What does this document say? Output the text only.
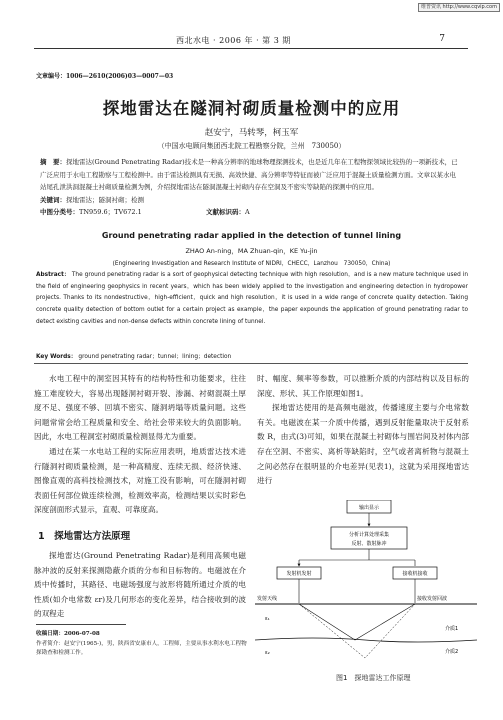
维普资讯 http://www.cqvip.com
西北水电 · 2006 年 · 第 3 期	7
文章编号：1006—2610(2006)03—0007—03
探地雷达在隧洞衬砌质量检测中的应用
赵安宁，马转琴，柯玉军
（中国水电顾问集团西北院工程勘察分院，兰州　730050）
摘　要：探地雷达(Ground Penetrating Radar)技术是一种高分辨率的地球物理探测技术，也是近几年在工程物探领域比较热的一项新技术，已广泛应用于水电工程勘察与工程检测中。由于雷达检测具有无损、高效快捷、高分辨率等特征而被广泛应用于混凝土质量检测方面。文章以某水电站尾孔泄洪洞混凝土衬砌质量检测为例，介绍探地雷达在隧洞混凝土衬砌内存在空洞及不密实等缺陷的探测中的应用。
关键词：探地雷达；隧洞衬砌；检测
中图分类号：TN959.6；TV672.1	文献标识码：A
Ground penetrating radar applied in the detection of tunnel lining
ZHAO An-ning，MA Zhuan-qin，KE Yu-jin
(Engineering Investigation and Research Institute of NIDRI，CHECC，Lanzhou　730050，China)
Abstract： The ground penetrating radar is a sort of geophysical detecting technique with high resolution，and is a new mature technique used in the field of engineering geophysics in recent years，which has been widely applied to the investigation and engineering detection in hydropower projects. Thanks to its nondestructive，high-efficient，quick and high resolution，it is used in a wide range of concrete quality detection. Taking concrete quality detection of bottom outlet for a certain project as example，the paper expounds the application of ground penetrating radar to detect existing cavities and non-dense defects within concrete lining of tunnel.
Key Words： ground penetrating radar；tunnel；lining；detection

水电工程中的洞室因其特有的结构特性和功能要求，往往施工难度较大，容易出现隧洞衬砌开裂、渗漏、衬砌混凝土厚度不足、强度不够、回填不密实、隧洞坍塌等质量问题。这些问题常常会给工程质量和安全、给社会带来较大的负面影响。因此，水电工程洞室衬砌质量检测显得尤为重要。

通过在某一水电站工程的实际应用表明，地质雷达技术进行隧洞衬砌质量检测，是一种高精度、连续无损、经济快速、图像直观的高科技检测技术，对施工没有影响，可在隧洞衬砌表面任何部位做连续检测，检测效率高，检测结果以实时彩色深度剖面形式显示，直观、可靠度高。

1　探地雷达方法原理

探地雷达(Ground Penetrating Radar)是利用高频电磁脉冲波的反射来探测隐蔽介质的分布和目标物的。电磁波在介质中传播时，其路径、电磁场强度与波形将随所通过介质的电性质(如介电常数 εr)及几何形态的变化差异，结合接收到的波的双程走

收稿日期：2006-07-08
作者简介：赵安宁(1965-)，男，陕西省安康市人，工程师，主要从事水利水电工程物探勘查和检测工作。

时、幅度、频率等参数，可以推断介质的内部结构以及目标的深度、形状、其工作原理如图1。

探地雷达使用的是高频电磁波，传播速度主要与介电常数有关。电磁波在某一介质中传播，遇到反射能量取决于反射系数 R，由式(3)可知，如果在混凝土衬砌体与围岩间及衬体内部存在空洞、不密实、离析等缺陷时，空气或者离析物与混凝土之间必然存在很明显的介电差异(见表1)，这就为采用探地雷达进行

输出显示
分析计算处理采集
反射、散射脉冲
发射机发射	接收机接收
发射天线	接收发射回波
ε₁
ε₂
介质1
介质2
图1　探地雷达工作原理
